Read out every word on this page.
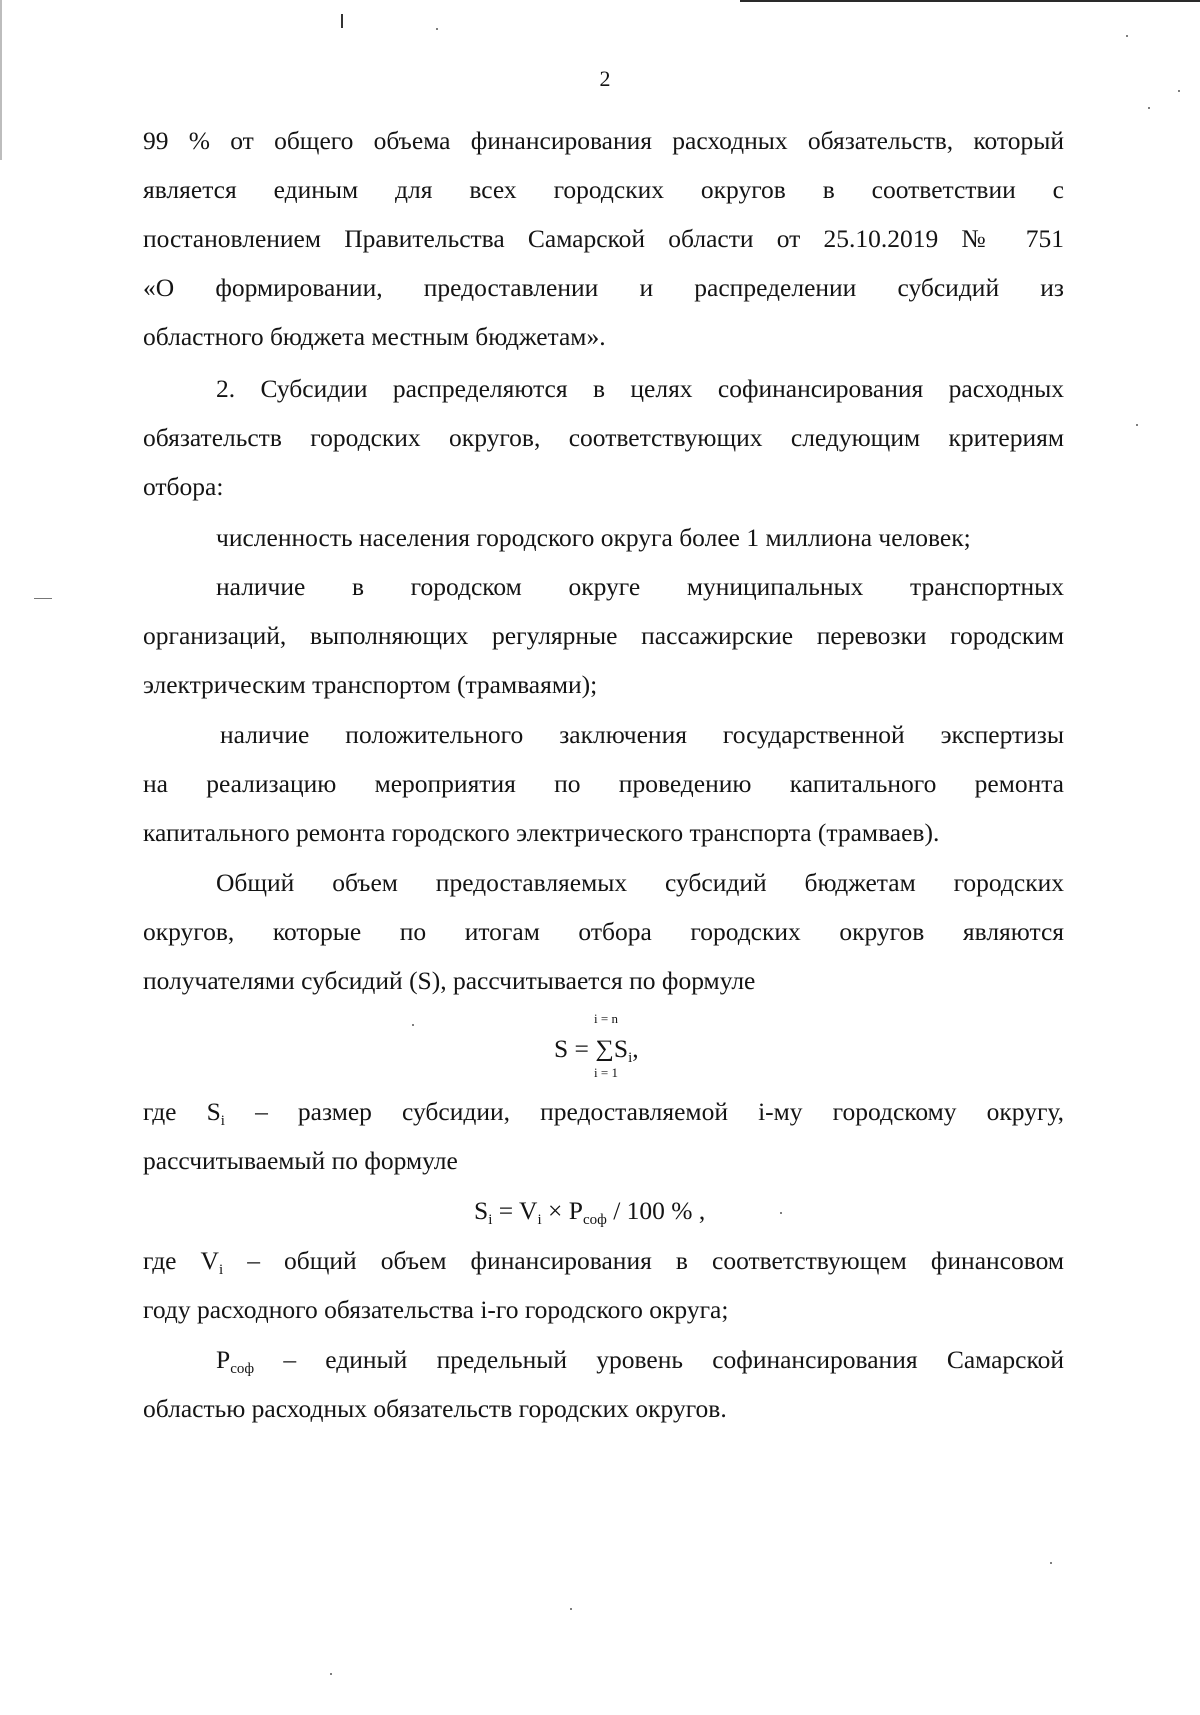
2
99 % от общего объема финансирования расходных обязательств, который
является единым для всех городских округов в соответствии с
постановлением Правительства Самарской области от 25.10.2019 № 751
«О формировании, предоставлении и распределении субсидий из
областного бюджета местным бюджетам».
2. Субсидии распределяются в целях софинансирования расходных
обязательств городских округов, соответствующих следующим критериям
отбора:
численность населения городского округа более 1 миллиона человек;
наличие в городском округе муниципальных транспортных
организаций, выполняющих регулярные пассажирские перевозки городским
электрическим транспортом (трамваями);
наличие положительного заключения государственной экспертизы
на реализацию мероприятия по проведению капитального ремонта
капитального ремонта городского электрического транспорта (трамваев).
Общий объем предоставляемых субсидий бюджетам городских
округов, которые по итогам отбора городских округов являются
получателями субсидий (S), рассчитывается по формуле
i = n
$S = \sum S_i$,
i = 1
где $S_i$ – размер субсидии, предоставляемой i-му городскому округу,
рассчитываемый по формуле
$S_i = V_i \times P_{соф} / 100$ % ,
где $V_i$ – общий объем финансирования в соответствующем финансовом
году расходного обязательства i-го городского округа;
$P_{соф}$ – единый предельный уровень софинансирования Самарской
областью расходных обязательств городских округов.
